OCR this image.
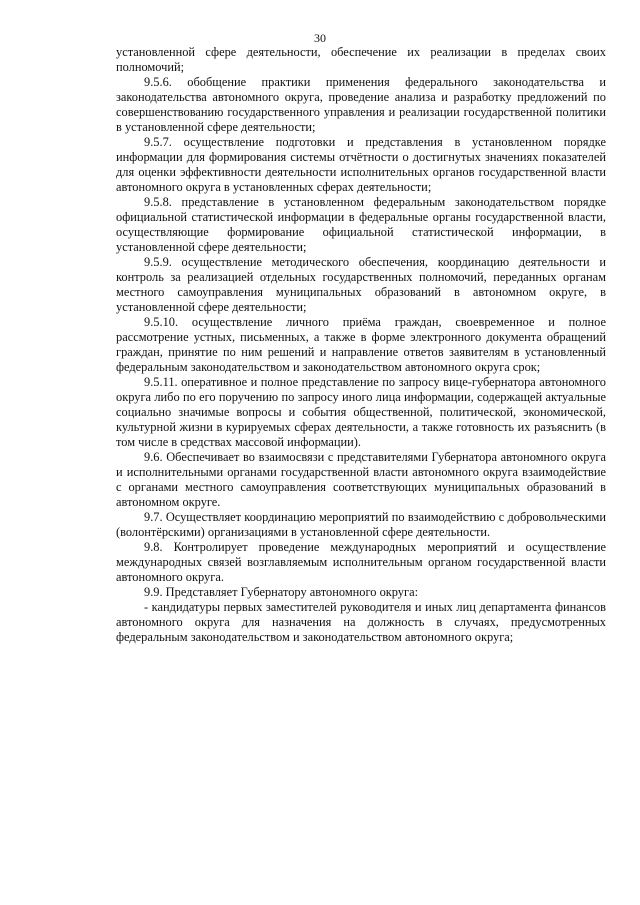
30

установленной сфере деятельности, обеспечение их реализации в пределах своих полномочий;

9.5.6. обобщение практики применения федерального законодательства и законодательства автономного округа, проведение анализа и разработку предложений по совершенствованию государственного управления и реализации государственной политики в установленной сфере деятельности;

9.5.7. осуществление подготовки и представления в установленном порядке информации для формирования системы отчётности о достигнутых значениях показателей для оценки эффективности деятельности исполнительных органов государственной власти автономного округа в установленных сферах деятельности;

9.5.8. представление в установленном федеральным законодательством порядке официальной статистической информации в федеральные органы государственной власти, осуществляющие формирование официальной статистической информации, в установленной сфере деятельности;

9.5.9. осуществление методического обеспечения, координацию деятельности и контроль за реализацией отдельных государственных полномочий, переданных органам местного самоуправления муниципальных образований в автономном округе, в установленной сфере деятельности;

9.5.10. осуществление личного приёма граждан, своевременное и полное рассмотрение устных, письменных, а также в форме электронного документа обращений граждан, принятие по ним решений и направление ответов заявителям в установленный федеральным законодательством и законодательством автономного округа срок;

9.5.11. оперативное и полное представление по запросу вице-губернатора автономного округа либо по его поручению по запросу иного лица информации, содержащей актуальные социально значимые вопросы и события общественной, политической, экономической, культурной жизни в курируемых сферах деятельности, а также готовность их разъяснить (в том числе в средствах массовой информации).

9.6. Обеспечивает во взаимосвязи с представителями Губернатора автономного округа и исполнительными органами государственной власти автономного округа взаимодействие с органами местного самоуправления соответствующих муниципальных образований в автономном округе.

9.7. Осуществляет координацию мероприятий по взаимодействию с добровольческими (волонтёрскими) организациями в установленной сфере деятельности.

9.8. Контролирует проведение международных мероприятий и осуществление международных связей возглавляемым исполнительным органом государственной власти автономного округа.

9.9. Представляет Губернатору автономного округа:

- кандидатуры первых заместителей руководителя и иных лиц департамента финансов автономного округа для назначения на должность в случаях, предусмотренных федеральным законодательством и законодательством автономного округа;
